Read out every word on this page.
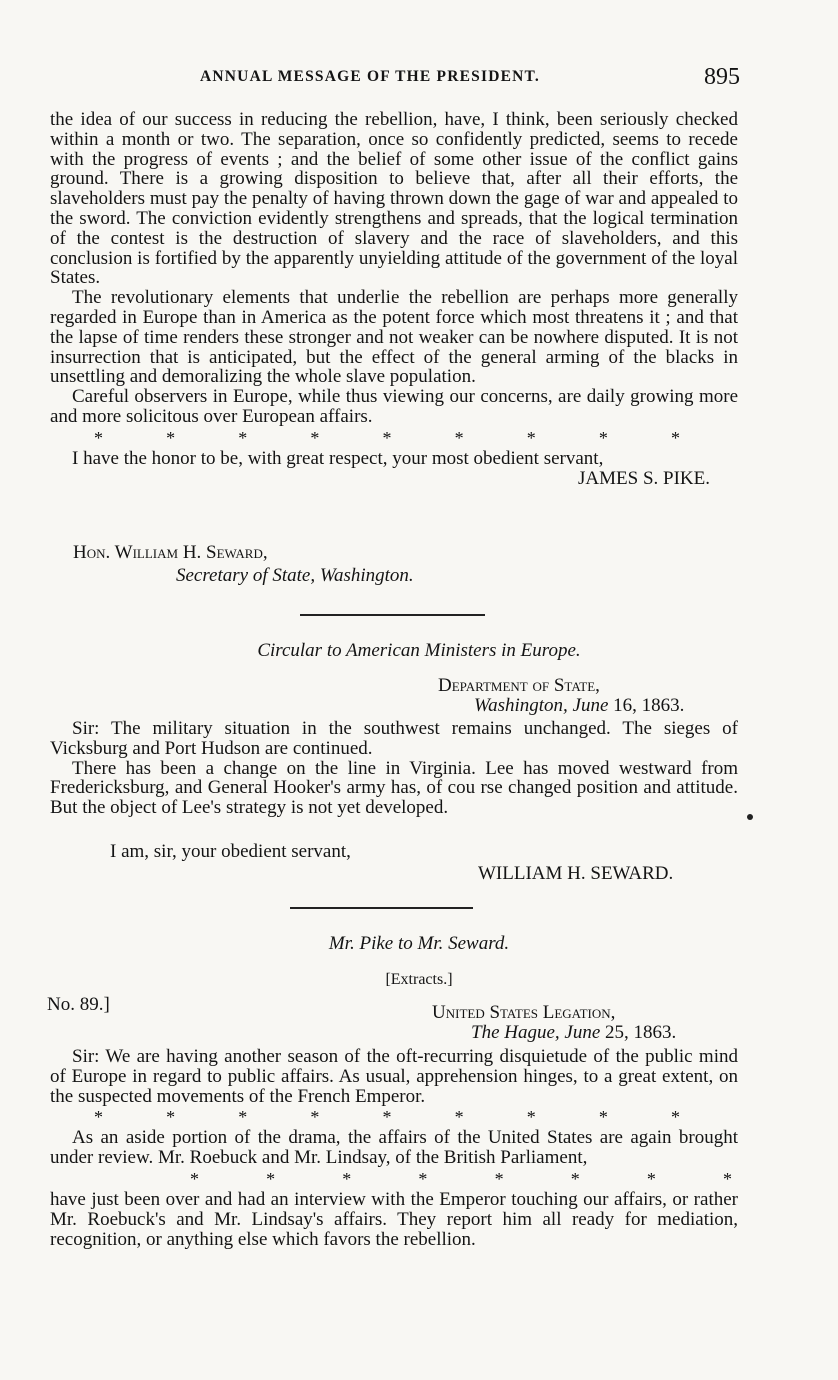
ANNUAL MESSAGE OF THE PRESIDENT.	895

the idea of our success in reducing the rebellion, have, I think, been seriously checked within a month or two. The separation, once so confidently predicted, seems to recede with the progress of events ; and the belief of some other issue of the conflict gains ground. There is a growing disposition to believe that, after all their efforts, the slaveholders must pay the penalty of having thrown down the gage of war and appealed to the sword. The conviction evidently strengthens and spreads, that the logical termination of the contest is the destruction of slavery and the race of slaveholders, and this conclusion is fortified by the apparently unyielding attitude of the government of the loyal States.

The revolutionary elements that underlie the rebellion are perhaps more generally regarded in Europe than in America as the potent force which most threatens it ; and that the lapse of time renders these stronger and not weaker can be nowhere disputed. It is not insurrection that is anticipated, but the effect of the general arming of the blacks in unsettling and demoralizing the whole slave population.

Careful observers in Europe, while thus viewing our concerns, are daily growing more and more solicitous over European affairs.

*	*	*	*	*	*	*	*	*

I have the honor to be, with great respect, your most obedient servant,

JAMES S. PIKE.

Hon. William H. Seward,
Secretary of State, Washington.
Circular to American Ministers in Europe.
Department of State,
Washington, June 16, 1863.

Sir: The military situation in the southwest remains unchanged. The sieges of Vicksburg and Port Hudson are continued.

There has been a change on the line in Virginia. Lee has moved westward from Fredericksburg, and General Hooker's army has, of cou rse changed position and attitude. But the object of Lee's strategy is not yet developed.

I am, sir, your obedient servant,
WILLIAM H. SEWARD.
Mr. Pike to Mr. Seward.
[Extracts.]
No. 89.]	United States Legation,
The Hague, June 25, 1863.

Sir: We are having another season of the oft-recurring disquietude of the public mind of Europe in regard to public affairs. As usual, apprehension hinges, to a great extent, on the suspected movements of the French Emperor.

*	*	*	*	*	*	*	*	*

As an aside portion of the drama, the affairs of the United States are again brought under review. Mr. Roebuck and Mr. Lindsay, of the British Parliament,

*	*	*	*	*	*	*	*

have just been over and had an interview with the Emperor touching our affairs, or rather Mr. Roebuck's and Mr. Lindsay's affairs. They report him all ready for mediation, recognition, or anything else which favors the rebellion.
